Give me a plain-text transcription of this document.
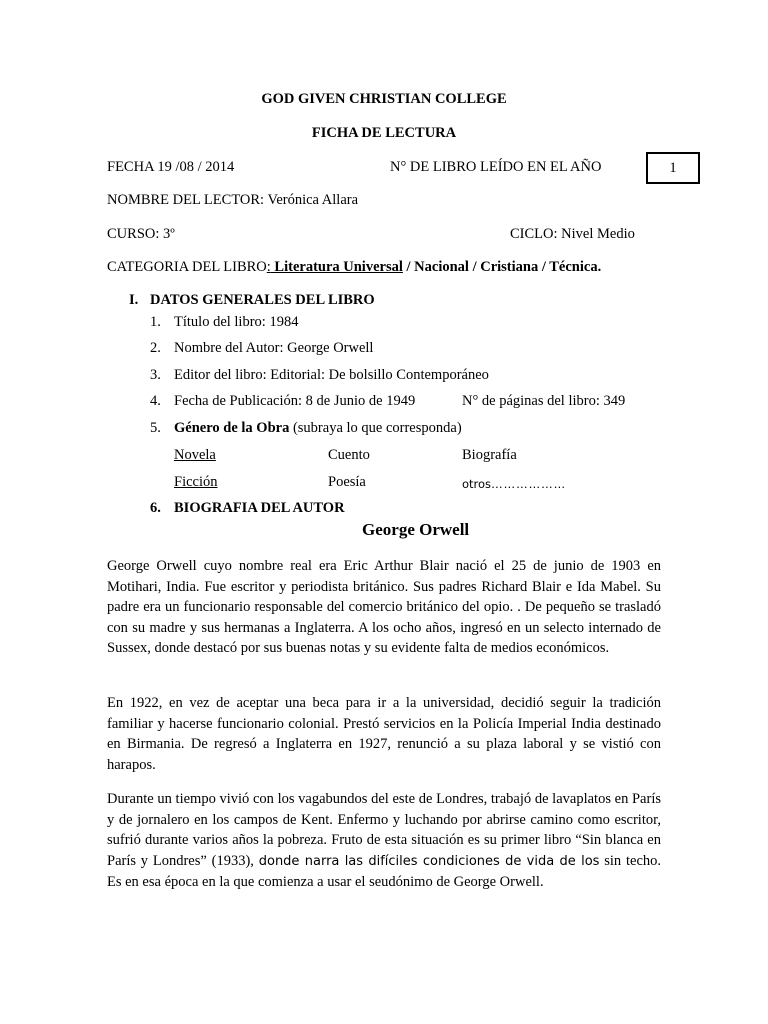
GOD GIVEN CHRISTIAN COLLEGE
FICHA DE LECTURA
FECHA 19 /08 / 2014	N° DE LIBRO LEÍDO EN EL AÑO	1
NOMBRE DEL LECTOR: Verónica Allara
CURSO: 3º	CICLO: Nivel Medio
CATEGORIA DEL LIBRO: Literatura Universal / Nacional / Cristiana / Técnica.
I. DATOS GENERALES DEL LIBRO
1. Título del libro: 1984
2. Nombre del Autor: George Orwell
3. Editor del libro: Editorial: De bolsillo Contemporáneo
4. Fecha de Publicación: 8 de Junio de 1949	N° de páginas del libro: 349
5. Género de la Obra (subraya lo que corresponda)
Novela	Cuento	Biografía
Ficción	Poesía	otros………………
6. BIOGRAFIA DEL AUTOR
George Orwell
George Orwell cuyo nombre real era Eric Arthur Blair nació el 25 de junio de 1903 en Motihari, India. Fue escritor y periodista británico. Sus padres Richard Blair e Ida Mabel. Su padre era un funcionario responsable del comercio británico del opio. . De pequeño se trasladó con su madre y sus hermanas a Inglaterra. A los ocho años, ingresó en un selecto internado de Sussex, donde destacó por sus buenas notas y su evidente falta de medios económicos.
En 1922, en vez de aceptar una beca para ir a la universidad, decidió seguir la tradición familiar y hacerse funcionario colonial. Prestó servicios en la Policía Imperial India destinado en Birmania. De regresó a Inglaterra en 1927, renunció a su plaza laboral y se vistió con harapos.
Durante un tiempo vivió con los vagabundos del este de Londres, trabajó de lavaplatos en París y de jornalero en los campos de Kent. Enfermo y luchando por abrirse camino como escritor, sufrió durante varios años la pobreza. Fruto de esta situación es su primer libro “Sin blanca en París y Londres” (1933), donde narra las difíciles condiciones de vida de los sin techo. Es en esa época en la que comienza a usar el seudónimo de George Orwell.
